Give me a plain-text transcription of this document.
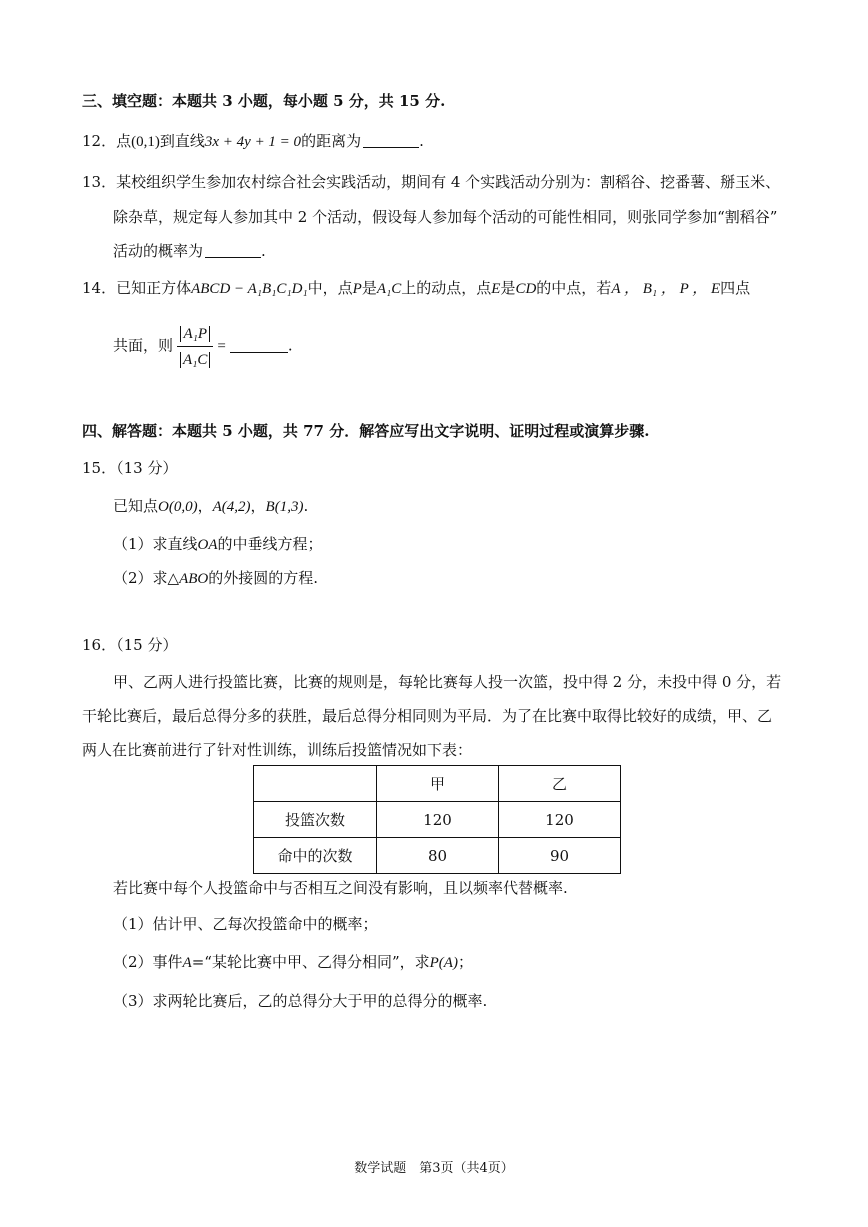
三、填空题：本题共 3 小题，每小题 5 分，共 15 分.
12．点(0,1)到直线3x + 4y + 1 = 0的距离为	.
13．某校组织学生参加农村综合社会实践活动，期间有 4 个实践活动分别为：割稻谷、挖番薯、掰玉米、
除杂草，规定每人参加其中 2 个活动，假设每人参加每个活动的可能性相同，则张同学参加“割稻谷”
活动的概率为	.
14．已知正方体ABCD − A₁B₁C₁D₁中，点P是A₁C上的动点，点E是CD的中点，若A ， B₁ ， P ， E四点
共面，则 $\frac{\text{A₁P}}{\text{A₁C}}$ =	.
四、解答题：本题共 5 小题，共 77 分．解答应写出文字说明、证明过程或演算步骤.
15．（13 分）
已知点O(0,0)，A(4,2)，B(1,3).
（1）求直线OA的中垂线方程；
（2）求△ABO的外接圆的方程.
16．（15 分）
甲、乙两人进行投篮比赛，比赛的规则是，每轮比赛每人投一次篮，投中得 2 分，未投中得 0 分，若
干轮比赛后，最后总得分多的获胜，最后总得分相同则为平局．为了在比赛中取得比较好的成绩，甲、乙
两人在比赛前进行了针对性训练，训练后投篮情况如下表：
	甲	乙
投篮次数	120	120
命中的次数	80	90
若比赛中每个人投篮命中与否相互之间没有影响，且以频率代替概率.
（1）估计甲、乙每次投篮命中的概率；
（2）事件A=“某轮比赛中甲、乙得分相同”，求P(A)；
（3）求两轮比赛后，乙的总得分大于甲的总得分的概率.
数学试题　第3页（共4页）
